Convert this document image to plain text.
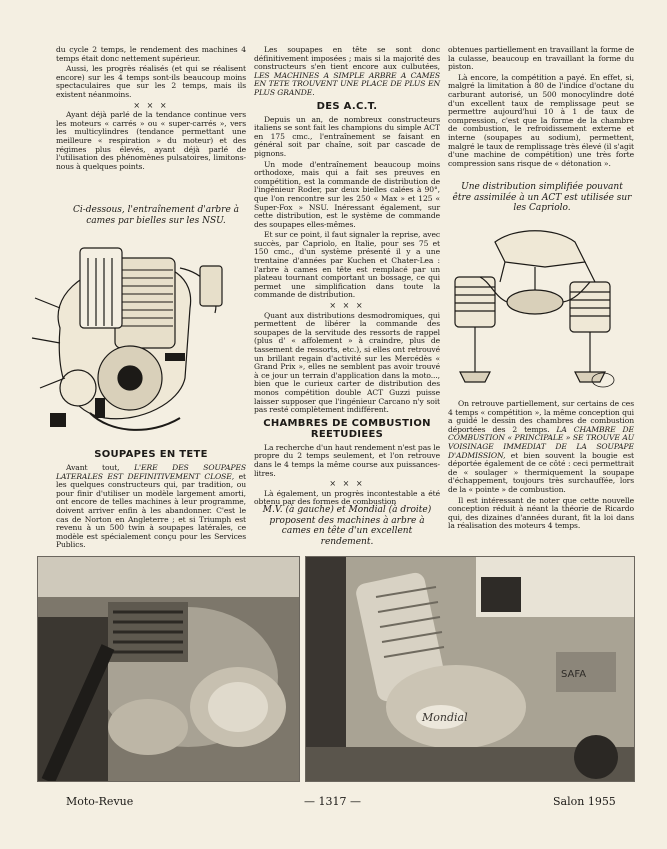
du cycle 2 temps, le rendement des machines 4 temps était donc nettement supérieur.

Aussi, les progrès réalisés (et qui se réalisent encore) sur les 4 temps sont-ils beaucoup moins spectaculaires que sur les 2 temps, mais ils existent néanmoins.

× × ×

Ayant déjà parlé de la tendance continue vers les moteurs « carrés » ou « super-carrés », vers les multicylindres (tendance permettant une meilleure « respiration » du moteur) et des régimes plus élevés, ayant déjà parlé de l'utilisation des phénomènes pulsatoires, limitons-nous à quelques points.

Ci-dessous, l'entraînement d'arbre à cames par bielles sur les NSU.
SOUPAPES EN TETE

Avant tout, L'ERE DES SOUPAPES LATERALES EST DEFINITIVEMENT CLOSE, et les quelques constructeurs qui, par tradition, ou pour finir d'utiliser un modèle largement amorti, ont encore de telles machines à leur programme, doivent arriver enfin à les abandonner. C'est le cas de Norton en Angleterre ; et si Triumph est revenu à un 500 twin à soupapes latérales, ce modèle est spécialement conçu pour les Services Publics.

Les soupapes en tête se sont donc définitivement imposées ; mais si la majorité des constructeurs s'en tient encore aux culbutées, LES MACHINES A SIMPLE ARBRE A CAMES EN TETE TROUVENT UNE PLACE DE PLUS EN PLUS GRANDE.

DES A.C.T.

Depuis un an, de nombreux constructeurs italiens se sont fait les champions du simple ACT en 175 cmc., l'entraînement se faisant en général soit par chaîne, soit par cascade de pignons.

Un mode d'entraînement beaucoup moins orthodoxe, mais qui a fait ses preuves en compétition, est la commande de distribution de l'ingénieur Roder, par deux bielles calées à 90°, que l'on rencontre sur les 250 « Max » et 125 « Super-Fox » NSU. Inéressant également, sur cette distribution, est le système de commande des soupapes elles-mêmes.

Et sur ce point, il faut signaler la reprise, avec succès, par Capriolo, en Italie, pour ses 75 et 150 cmc., d'un système présenté il y a une trentaine d'années par Kuchen et Chater-Lea : l'arbre à cames en tête est remplacé par un plateau tournant comportant un bossage, ce qui permet une simplification dans toute la commande de distribution.

× × ×

Quant aux distributions desmodromiques, qui permettent de libérer la commande des soupapes de la servitude des ressorts de rappel (plus d' « affolement » à craindre, plus de tassement de ressorts, etc.), si elles ont retrouvé un brillant regain d'activité sur les Mercédès « Grand Prix », elles ne semblent pas avoir trouvé à ce jour un terrain d'application dans la moto..., bien que le curieux carter de distribution des monos compétition double ACT Guzzi puisse laisser supposer que l'ingénieur Carcano n'y soit pas resté complètement indifférent.

CHAMBRES DE COMBUSTION REETUDIEES

La recherche d'un haut rendement n'est pas le propre du 2 temps seulement, et l'on retrouve dans le 4 temps la même course aux puissances-litres.

× × ×

Là également, un progrès incontestable a été obtenu par des formes de combustion

M.V. (à gauche) et Mondial (à droite) proposent des machines à arbre à cames en tête d'un excellent rendement.

obtenues partiellement en travaillant la forme de la culasse, beaucoup en travaillant la forme du piston.

Là encore, la compétition a payé. En effet, si, malgré la limitation à 80 de l'indice d'octane du carburant autorisé, un 500 monocylindre doté d'un excellent taux de remplissage peut se permettre aujourd'hui 10 à 1 de taux de compression, c'est que la forme de la chambre de combustion, le refroidissement externe et interne (soupapes au sodium), permettent, malgré le taux de remplissage très élevé (il s'agit d'une machine de compétition) une très forte compression sans risque de « détonation ».

Une distribution simplifiée pouvant être assimilée à un ACT est utilisée sur les Capriolo.

On retrouve partiellement, sur certains de ces 4 temps « compétition », la même conception qui a guidé le dessin des chambres de combustion déportées des 2 temps. LA CHAMBRE DE COMBUSTION « PRINCIPALE » SE TROUVE AU VOISINAGE IMMEDIAT DE LA SOUPAPE D'ADMISSION, et bien souvent la bougie est déportée également de ce côté : ceci permettrait de « soulager » thermiquement la soupape d'échappement, toujours très surchauffée, lors de la « pointe » de combustion.

Il est intéressant de noter que cette nouvelle conception réduit à néant la théorie de Ricardo qui, des dizaines d'années durant, fit la loi dans la réalisation des moteurs 4 temps.

Mondial
SAFA
Moto-Revue	— 1317 —	Salon 1955
